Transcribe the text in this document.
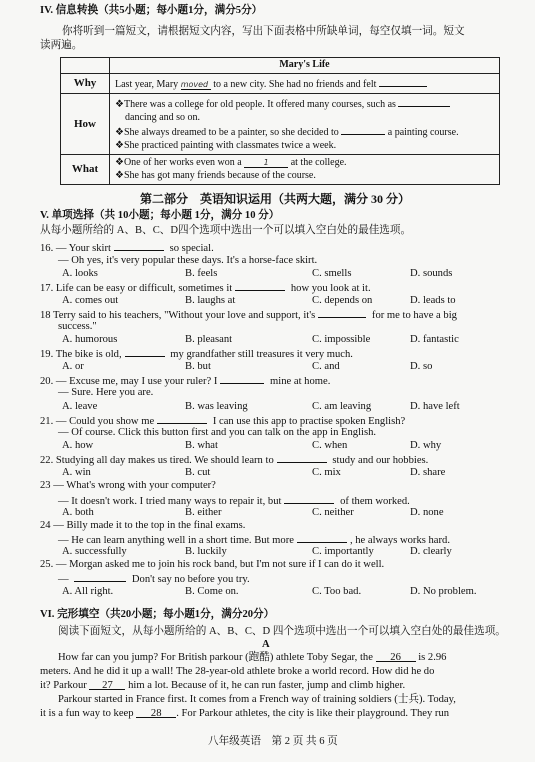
IV. 信息转换（共5小题；每小题1分，满分5分）
你将听到一篇短文，请根据短文内容，写出下面表格中所缺单词，每空仅填一词。短文
读两遍。
	Mary's Life
Why	Last year, Mary moved to a new city. She had no friends and felt
How	❖There was a college for old people. It offered many courses, such as
dancing and so on.
❖She always dreamed to be a painter, so she decided to a painting course.
❖She practiced painting with classmates twice a week.

What	❖One of her works even won a 1 at the college.
❖She has got many friends because of the course.
第二部分　英语知识运用（共两大题，满分 30 分）
V. 单项选择（共 10小题；每小题 1分，满分 10 分）
从每小题所给的 A、B、C、D四个选项中选出一个可以填入空白处的最佳选项。
16. — Your skirt	so special.
— Oh yes, it's very popular these days. It's a horse-face skirt.
A. looks	B. feels	C. smells	D. sounds
17. Life can be easy or difficult, sometimes it	how you look at it.
A. comes out	B. laughs at	C. depends on	D. leads to
18 Terry said to his teachers, "Without your love and support, it's	for me to have a big
success."
A. humorous	B. pleasant	C. impossible	D. fantastic
19. The bike is old,	my grandfather still treasures it very much.
A. or	B. but	C. and	D. so
20. — Excuse me, may I use your ruler? I	mine at home.
— Sure. Here you are.
A. leave	B. was leaving	C. am leaving	D. have left
21. — Could you show me	I can use this app to practise spoken English?
— Of course. Click this button first and you can talk on the app in English.
A. how	B. what	C. when	D. why
22. Studying all day makes us tired. We should learn to	study and our hobbies.
A. win	B. cut	C. mix	D. share
23 — What's wrong with your computer?
— It doesn't work. I tried many ways to repair it, but	of them worked.
A. both	B. either	C. neither	D. none
24 — Billy made it to the top in the final exams.
— He can learn anything well in a short time. But more	, he always works hard.
A. successfully	B. luckily	C. importantly	D. clearly
25. — Morgan asked me to join his rock band, but I'm not sure if I can do it well.
—	Don't say no before you try.
A. All right.	B. Come on.	C. Too bad.	D. No problem.
VI. 完形填空（共20小题；每小题1分，满分20分）
阅读下面短文，从每小题所给的 A、B、C、D 四个选项中选出一个可以填入空白处的最佳选项。
A
How far can you jump? For British parkour (跑酷) athlete Toby Segar, the 26 is 2.96
meters. And he did it up a wall! The 28-year-old athlete broke a world record. How did he do
it? Parkour 27 him a lot. Because of it, he can run faster, jump and climb higher.
Parkour started in France first. It comes from a French way of training soldiers (士兵). Today,
it is a fun way to keep 28 . For Parkour athletes, the city is like their playground. They run
八年级英语　第 2 页 共 6 页
